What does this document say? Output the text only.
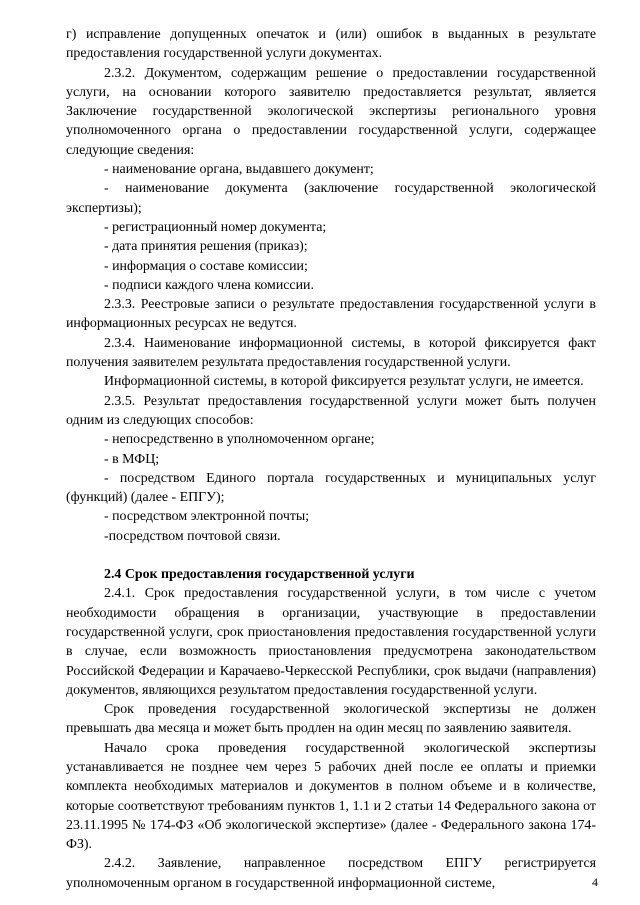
г) исправление допущенных опечаток и (или) ошибок в выданных в результате предоставления государственной услуги документах.

2.3.2. Документом, содержащим решение о предоставлении государственной услуги, на основании которого заявителю предоставляется результат, является Заключение государственной экологической экспертизы регионального уровня уполномоченного органа о предоставлении государственной услуги, содержащее следующие сведения:

- наименование органа, выдавшего документ;

- наименование документа (заключение государственной экологической экспертизы);

- регистрационный номер документа;

- дата принятия решения (приказ);

- информация о составе комиссии;

- подписи каждого члена комиссии.

2.3.3. Реестровые записи о результате предоставления государственной услуги в информационных ресурсах не ведутся.

2.3.4. Наименование информационной системы, в которой фиксируется факт получения заявителем результата предоставления государственной услуги.

Информационной системы, в которой фиксируется результат услуги, не имеется.

2.3.5. Результат предоставления государственной услуги может быть получен одним из следующих способов:

- непосредственно в уполномоченном органе;

- в МФЦ;

- посредством Единого портала государственных и муниципальных услуг (функций) (далее - ЕПГУ);

- посредством электронной почты;

-посредством почтовой связи.

2.4 Срок предоставления государственной услуги

2.4.1. Срок предоставления государственной услуги, в том числе с учетом необходимости обращения в организации, участвующие в предоставлении государственной услуги, срок приостановления предоставления государственной услуги в случае, если возможность приостановления предусмотрена законодательством Российской Федерации и Карачаево-Черкесской Республики, срок выдачи (направления) документов, являющихся результатом предоставления государственной услуги.

Срок проведения государственной экологической экспертизы не должен превышать два месяца и может быть продлен на один месяц по заявлению заявителя.

Начало срока проведения государственной экологической экспертизы устанавливается не позднее чем через 5 рабочих дней после ее оплаты и приемки комплекта необходимых материалов и документов в полном объеме и в количестве, которые соответствуют требованиям пунктов 1, 1.1 и 2 статьи 14 Федерального закона от 23.11.1995 № 174-ФЗ «Об экологической экспертизе» (далее - Федерального закона 174-ФЗ).

2.4.2. Заявление, направленное посредством ЕПГУ регистрируется уполномоченным органом в государственной информационной системе,	4
